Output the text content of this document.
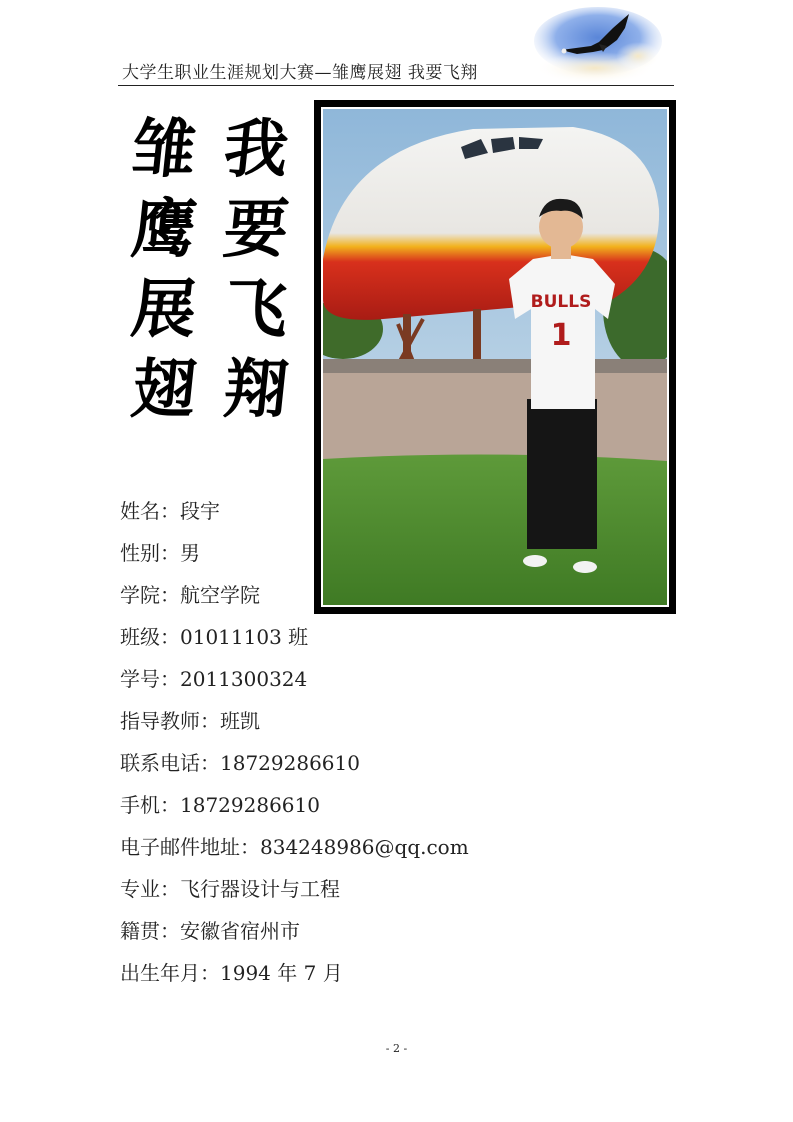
大学生职业生涯规划大赛—雏鹰展翅 我要飞翔
我
要
飞
翔
雏
鹰
展
翅
BULLS
1
姓名：段宇
性别：男
学院：航空学院
班级：01011103 班
学号：2011300324
指导教师：班凯
联系电话：18729286610
手机：18729286610
电子邮件地址：834248986@qq.com
专业：飞行器设计与工程
籍贯：安徽省宿州市
出生年月：1994 年 7 月
- 2 -
